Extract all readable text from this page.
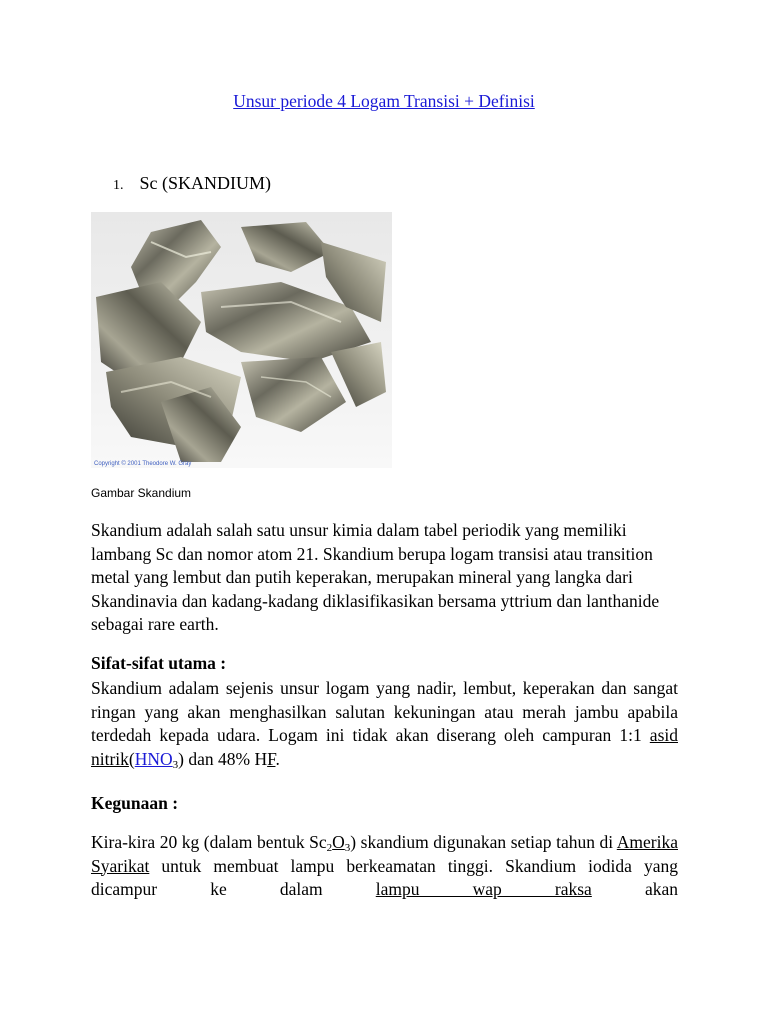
Unsur periode 4 Logam Transisi + Definisi
1. Sc (SKANDIUM)
Copyright © 2001 Theodore W. Gray
Gambar Skandium
Skandium adalah salah satu unsur kimia dalam tabel periodik yang memiliki lambang Sc dan nomor atom 21. Skandium berupa logam transisi atau transition metal yang lembut dan putih keperakan, merupakan mineral yang langka dari Skandinavia dan kadang-kadang diklasifikasikan bersama yttrium dan lanthanide sebagai rare earth.
Sifat-sifat utama :
Skandium adalam sejenis unsur logam yang nadir, lembut, keperakan dan sangat ringan yang akan menghasilkan salutan kekuningan atau merah jambu apabila terdedah kepada udara. Logam ini tidak akan diserang oleh campuran 1:1 asid $nitrik(HNO_3)$ dan 48% HF.
Kegunaan :
Kira-kira 20 kg (dalam bentuk $Sc_2O_3$) skandium digunakan setiap tahun di Amerika Syarikat untuk membuat lampu berkeamatan tinggi. Skandium iodida yang dicampur ke dalam lampu wap raksa akan
